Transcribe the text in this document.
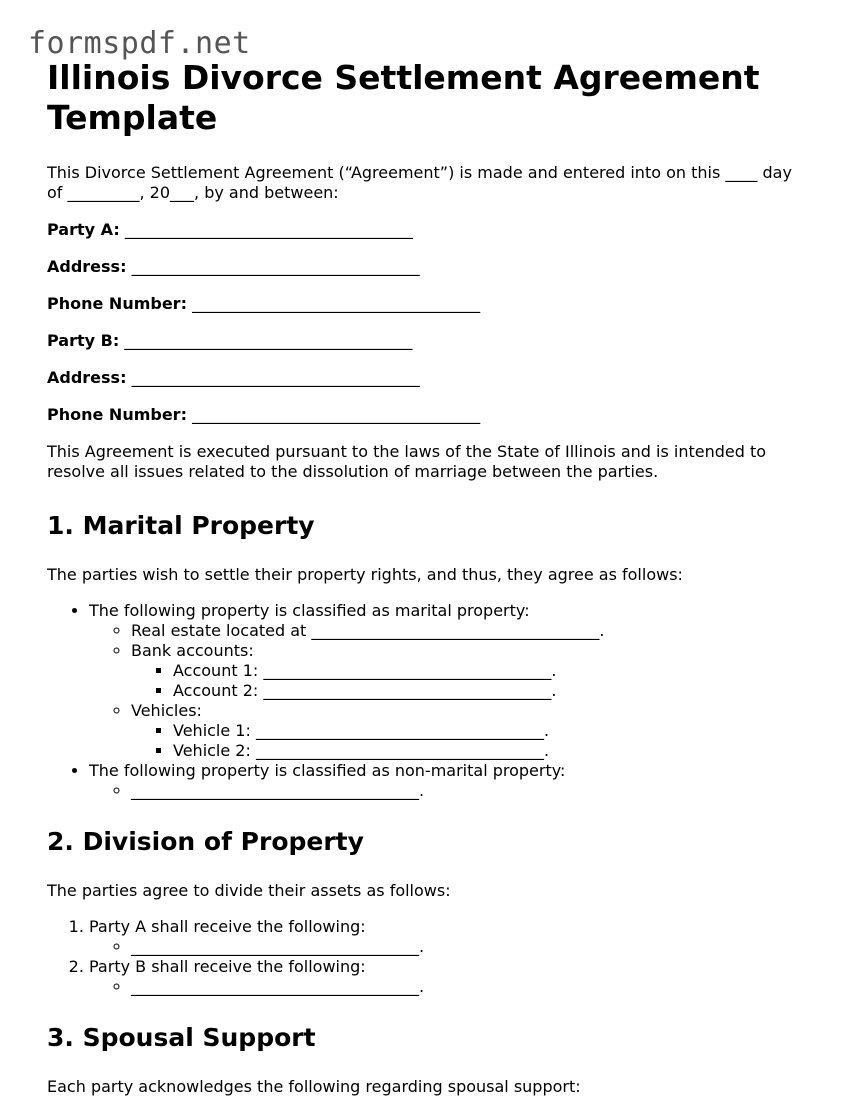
formspdf.net
Illinois Divorce Settlement Agreement Template

This Divorce Settlement Agreement (“Agreement”) is made and entered into on this ____ day of _________, 20___, by and between:

Party A: ____________________________________
Address: ____________________________________
Phone Number: ____________________________________
Party B: ____________________________________
Address: ____________________________________
Phone Number: ____________________________________

This Agreement is executed pursuant to the laws of the State of Illinois and is intended to resolve all issues related to the dissolution of marriage between the parties.

1. Marital Property

The parties wish to settle their property rights, and thus, they agree as follows:

• The following property is classified as marital property:
◦ Real estate located at ____________________________________.
◦ Bank accounts:
▪ Account 1: ____________________________________.
▪ Account 2: ____________________________________.
◦ Vehicles:
▪ Vehicle 1: ____________________________________.
▪ Vehicle 2: ____________________________________.
• The following property is classified as non-marital property:
◦ ____________________________________.
2. Division of Property

The parties agree to divide their assets as follows:

1. Party A shall receive the following:
◦ ____________________________________.
2. Party B shall receive the following:
◦ ____________________________________.
3. Spousal Support

Each party acknowledges the following regarding spousal support:
